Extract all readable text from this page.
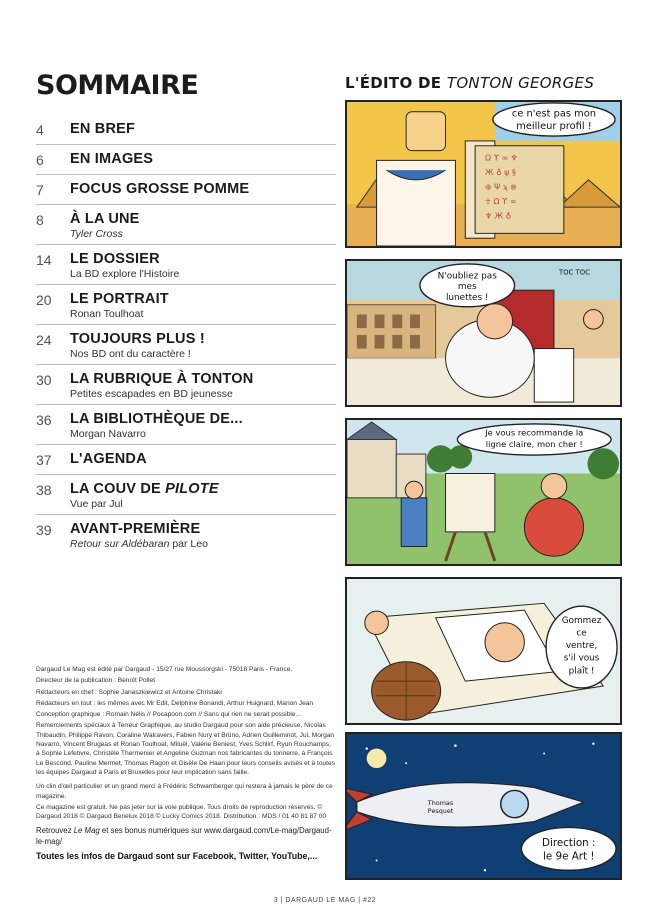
SOMMAIRE
4	EN BREF
6	EN IMAGES
7	FOCUS GROSSE POMME
8	À LA UNE
Tyler Cross
14	LE DOSSIER
La BD explore l'Histoire
20	LE PORTRAIT
Ronan Toulhoat
24	TOUJOURS PLUS !
Nos BD ont du caractère !
30	LA RUBRIQUE À TONTON
Petites escapades en BD jeunesse
36	LA BIBLIOTHÈQUE DE...
Morgan Navarro
37	L'AGENDA
38	LA COUV DE PILOTE
Vue par Jul
39	AVANT-PREMIÈRE
Retour sur Aldébaran par Leo

Dargaud Le Mag est édité par Dargaud - 15/27 rue Moussorgski - 75018 Paris - France.

Directeur de la publication : Benoît Pollet

Rédacteurs en chef : Sophie Janaszkiewicz et Antoine Christaki

Rédacteurs en tout : les mêmes avec Mr Edit, Delphine Bonandi, Arthur Huignard, Manon Jean

Conception graphique : Romain Nélis // Pocapoon.com // Sans qui rien ne serait possible...

Remerciements spéciaux à Terreur Graphique, au studio Dargaud pour son aide précieuse, Nicolas Thibaudin, Philippe Ravon, Coraline Walravers, Fabien Nury et Brüno, Adrien Guilleminot, Jul, Morgan Navarro, Vincent Brugeas et Ronan Toulhoat, Miluël, Valérie Beniest, Yves Schlirf, Ryun Rouchamps, à Sophie Lefebvre, Christèle Thermenier et Angeline Guzman nos fabricantes du tonnerre, à François Le Bescond, Pauline Mermet, Thomas Ragon et Gisèle De Haan pour leurs conseils avisés et à toutes les équipes Dargaud à Paris et Bruxelles pour leur implication sans faille.

Un clin d'œil particulier et un grand merci à Frédéric Schwamberger qui restera à jamais le père de ce magazine.

Ce magazine est gratuit. Ne pas jeter sur la voie publique. Tous droits de reproduction réservés. © Dargaud 2018 © Dargaud Benelux 2018 © Lucky Comics 2018. Distribution : MDS / 01 40 81 87 00

Retrouvez Le Mag et ses bonus numériques sur www.dargaud.com/Le-mag/Dargaud-le-mag/

Toutes les infos de Dargaud sont sur Facebook, Twitter, YouTube,...

L'ÉDITO DE TONTON GEORGES
ce n'est pas mon
meilleur profil !
Ω ϒ ∞ ♆
Ж ♁ ψ §
⊕ Ψ ϡ ⊗
☥ Ω ϒ ∞
♆ Ж ♁
N'oubliez pas
mes
lunettes !
TOC TOC
Je vous recommande la
ligne claire, mon cher !
Gommez
ce
ventre,
s'il vous
plaît !
Thomas
Pesquet
Direction :
le 9e Art !
3 | DARGAUD LE MAG | #22
